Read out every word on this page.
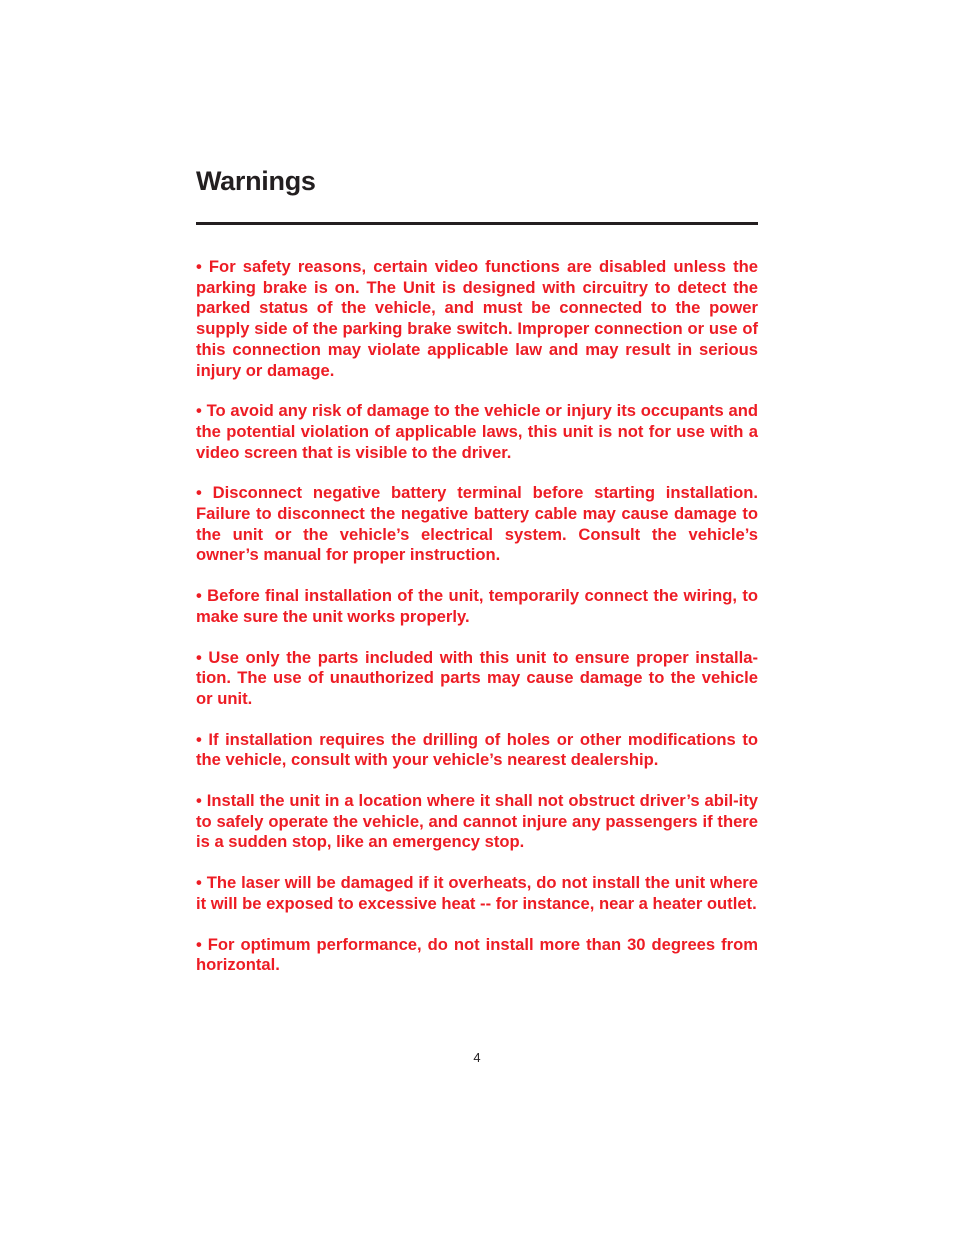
Warnings

• For safety reasons, certain video functions are disabled unless the parking brake is on. The Unit is designed with circuitry to detect the parked status of the vehicle, and must be connected to the power supply side of the parking brake switch. Improper connection or use of this connection may violate applicable law and may result in serious injury or damage.

• To avoid any risk of damage to the vehicle or injury its occupants and the potential violation of applicable laws, this unit is not for use with a video screen that is visible to the driver.

• Disconnect negative battery terminal before starting installation. Failure to disconnect the negative battery cable may cause damage to the unit or the vehicle’s electrical system. Consult the vehicle’s owner’s manual for proper instruction.

• Before final installation of the unit, temporarily connect the wiring, to make sure the unit works properly.

• Use only the parts included with this unit to ensure proper installa-tion. The use of unauthorized parts may cause damage to the vehicle or unit.

• If installation requires the drilling of holes or other modifications to the vehicle, consult with your vehicle’s nearest dealership.

• Install the unit in a location where it shall not obstruct driver’s abil-ity to safely operate the vehicle, and cannot injure any passengers if there is a sudden stop, like an emergency stop.

• The laser will be damaged if it overheats, do not install the unit where it will be exposed to excessive heat -- for instance, near a heater outlet.

• For optimum performance, do not install more than 30 degrees from horizontal.

4
